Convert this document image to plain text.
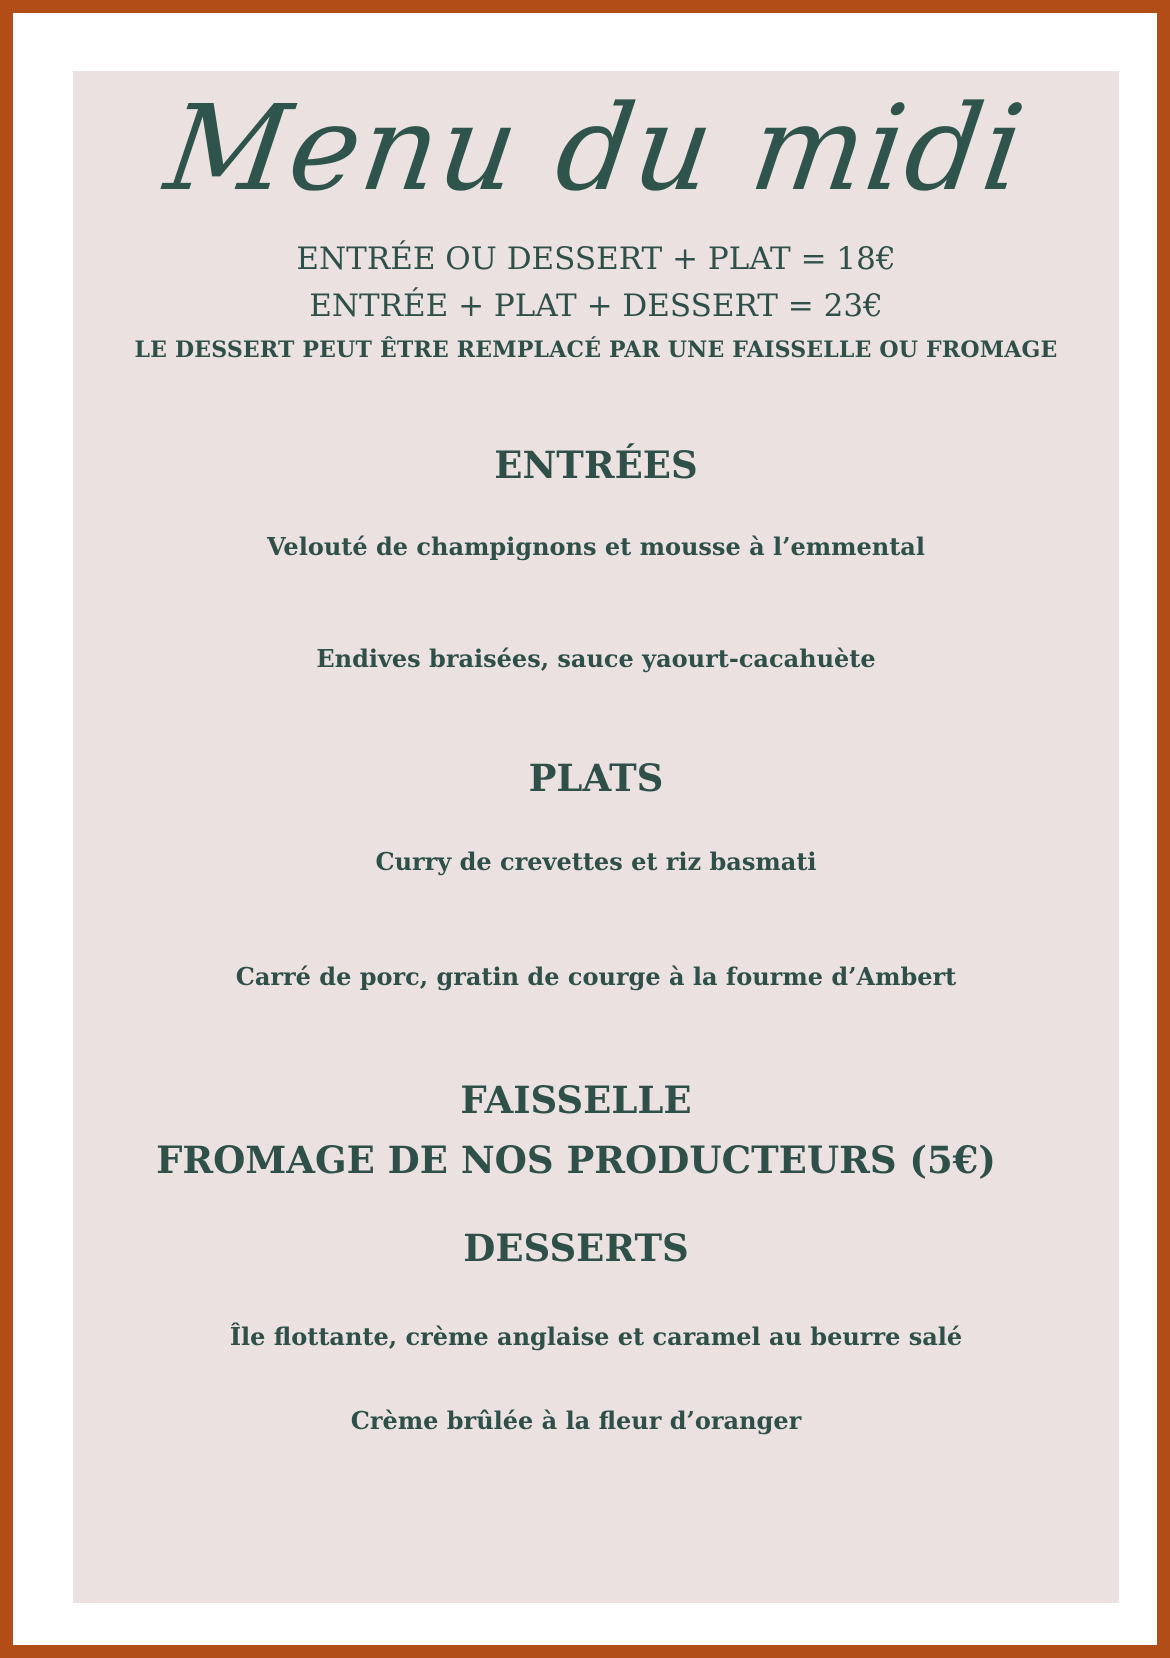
Menu du midi
ENTRÉE OU DESSERT + PLAT = 18€
ENTRÉE + PLAT + DESSERT = 23€
LE DESSERT PEUT ÊTRE REMPLACÉ PAR UNE FAISSELLE OU FROMAGE
ENTRÉES
Velouté de champignons et mousse à l’emmental
Endives braisées, sauce yaourt-cacahuète
PLATS
Curry de crevettes et riz basmati
Carré de porc, gratin de courge à la fourme d’Ambert
FAISSELLE
FROMAGE DE NOS PRODUCTEURS (5€)
DESSERTS
Île flottante, crème anglaise et caramel au beurre salé
Crème brûlée à la fleur d’oranger
